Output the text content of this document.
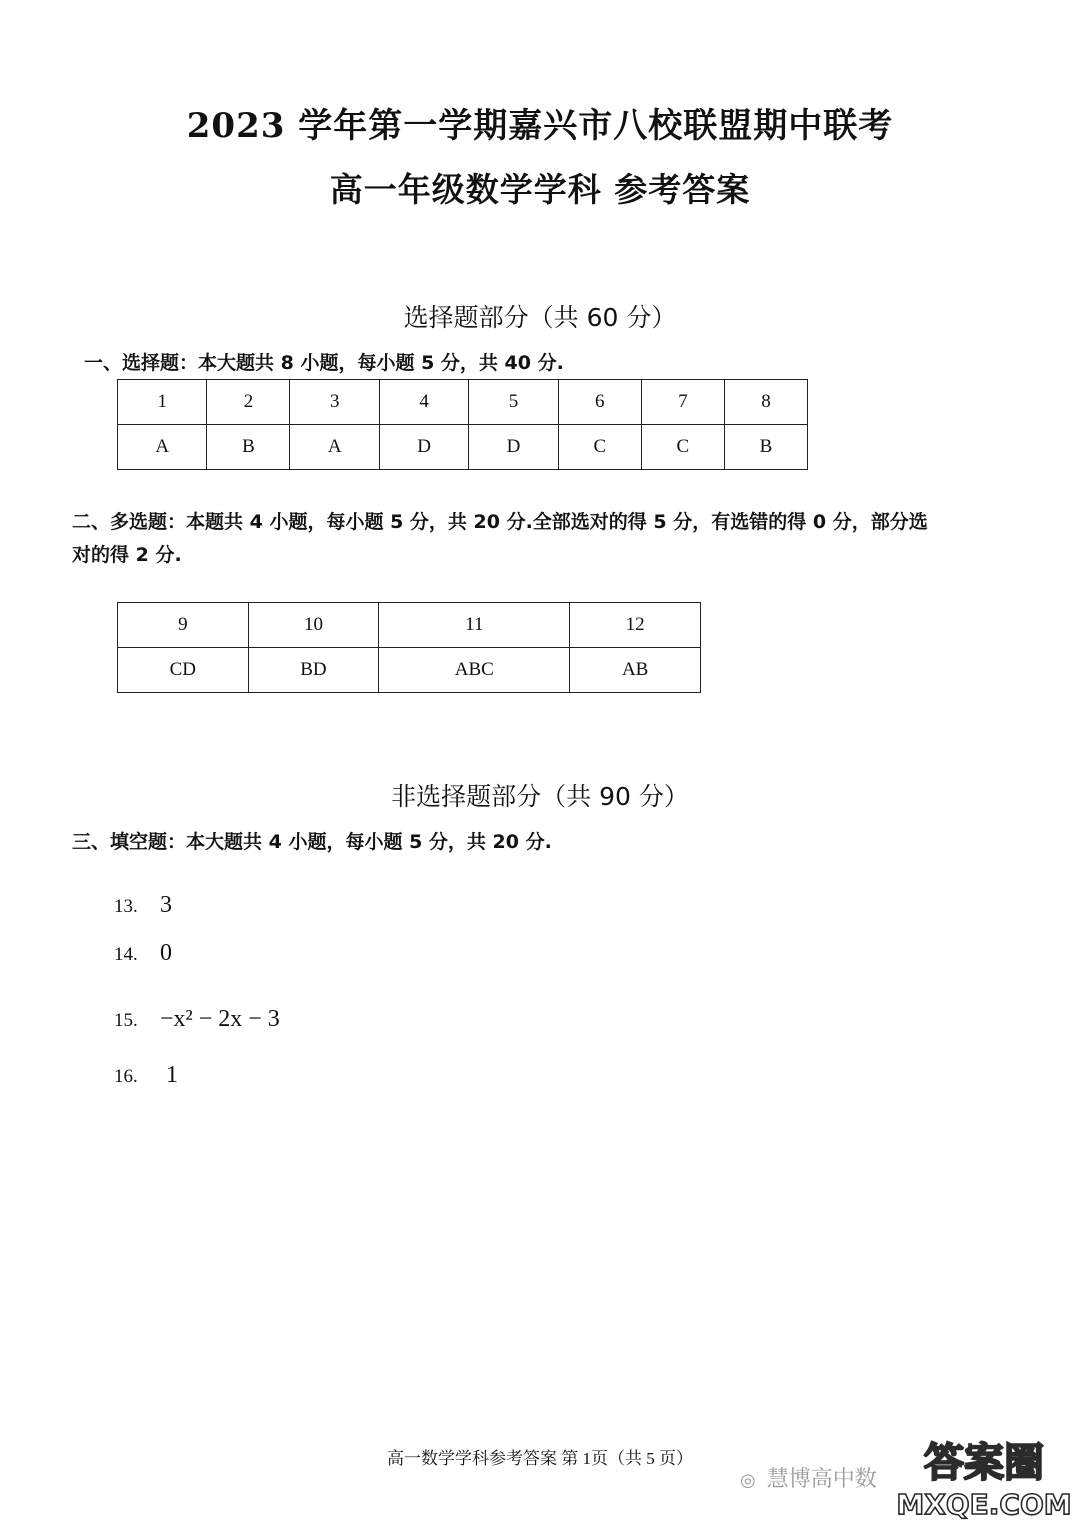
2023 学年第一学期嘉兴市八校联盟期中联考
高一年级数学学科 参考答案
选择题部分（共 60 分）
一、选择题：本大题共 8 小题，每小题 5 分，共 40 分.
1	2	3	4	5	6	7	8
A	B	A	D	D	C	C	B
二、多选题：本题共 4 小题，每小题 5 分，共 20 分.全部选对的得 5 分，有选错的得 0 分，部分选
对的得 2 分.
9	10	11	12
CD	BD	ABC	AB
非选择题部分（共 90 分）
三、填空题：本大题共 4 小题，每小题 5 分，共 20 分.
13. 3
14. 0
15. −x² − 2x − 3
16.	1
高一数学学科参考答案 第 1页（共 5 页）
◎ 慧博高中数 答案圈
MXQE.COM
